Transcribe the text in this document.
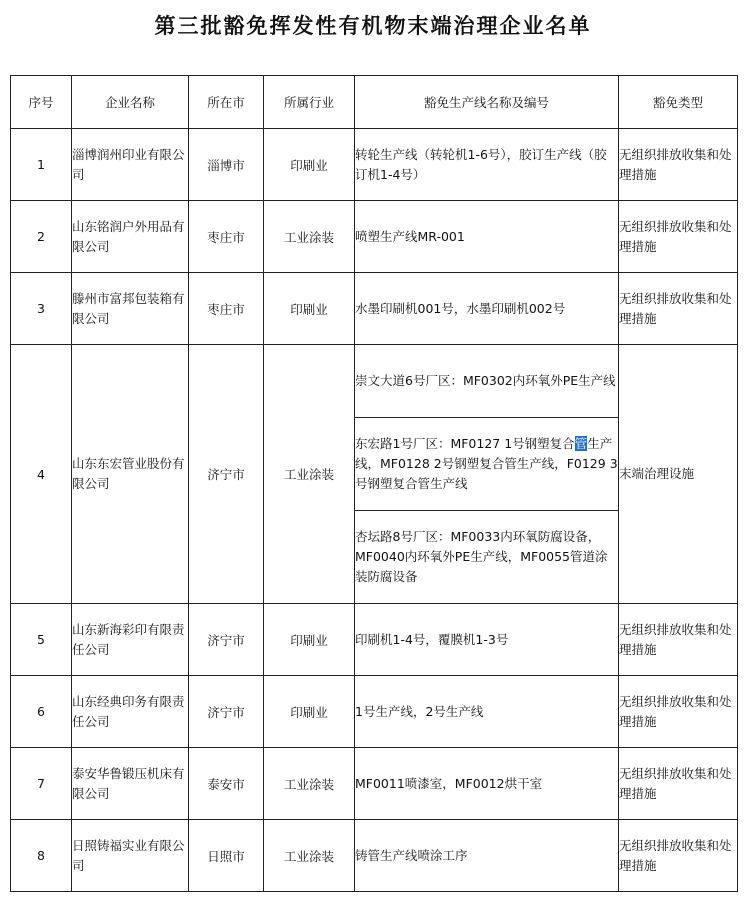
第三批豁免挥发性有机物末端治理企业名单
序号	企业名称	所在市	所属行业	豁免生产线名称及编号	豁免类型
1	淄博润州印业有限公司	淄博市	印刷业	转轮生产线（转轮机1-6号），胶订生产线（胶订机1-4号）	无组织排放收集和处理措施
2	山东铭润户外用品有限公司	枣庄市	工业涂装	喷塑生产线MR-001	无组织排放收集和处理措施
3	滕州市富邦包装箱有限公司	枣庄市	印刷业	水墨印刷机001号，水墨印刷机002号	无组织排放收集和处理措施
4	山东东宏管业股份有限公司	济宁市	工业涂装	崇文大道6号厂区：MF0302内环氧外PE生产线	末端治理设施
				东宏路1号厂区：MF0127 1号钢塑复合管生产线，MF0128 2号钢塑复合管生产线，F0129 3号钢塑复合管生产线	
				杏坛路8号厂区：MF0033内环氧防腐设备，MF0040内环氧外PE生产线，MF0055管道涂装防腐设备	
5	山东新海彩印有限责任公司	济宁市	印刷业	印刷机1-4号，覆膜机1-3号	无组织排放收集和处理措施
6	山东经典印务有限责任公司	济宁市	印刷业	1号生产线，2号生产线	无组织排放收集和处理措施
7	泰安华鲁锻压机床有限公司	泰安市	工业涂装	MF0011喷漆室，MF0012烘干室	无组织排放收集和处理措施
8	日照铸福实业有限公司	日照市	工业涂装	铸管生产线喷涂工序	无组织排放收集和处理措施
